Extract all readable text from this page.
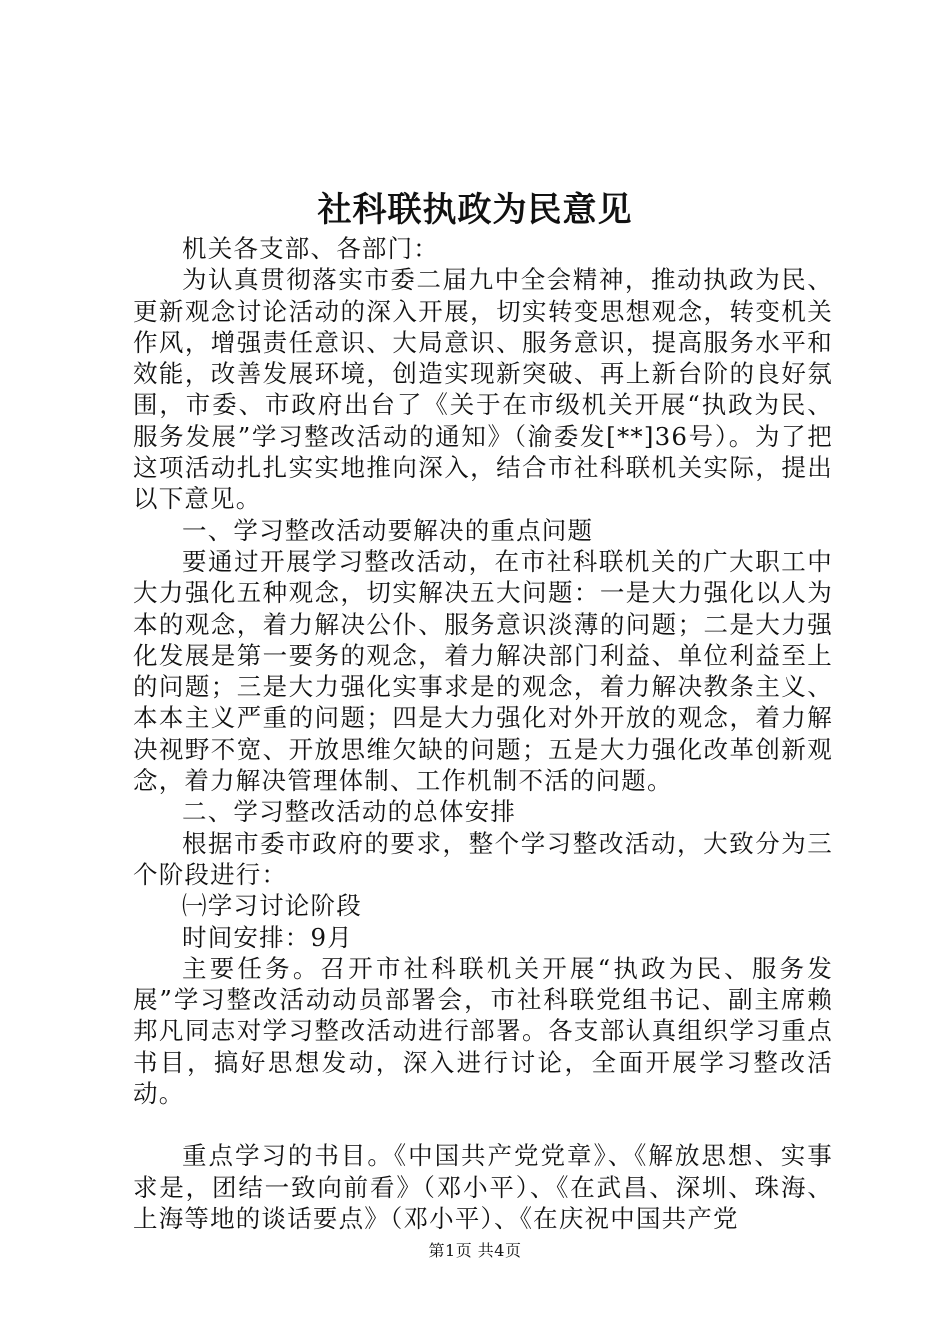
社科联执政为民意见

机关各支部、各部门：

为认真贯彻落实市委二届九中全会精神，推动执政为民、更新观念讨论活动的深入开展，切实转变思想观念，转变机关作风，增强责任意识、大局意识、服务意识，提高服务水平和效能，改善发展环境，创造实现新突破、再上新台阶的良好氛围，市委、市政府出台了《关于在市级机关开展“执政为民、服务发展”学习整改活动的通知》（渝委发[**]36号）。为了把这项活动扎扎实实地推向深入，结合市社科联机关实际，提出以下意见。

一、学习整改活动要解决的重点问题

要通过开展学习整改活动，在市社科联机关的广大职工中大力强化五种观念，切实解决五大问题：一是大力强化以人为本的观念，着力解决公仆、服务意识淡薄的问题；二是大力强化发展是第一要务的观念，着力解决部门利益、单位利益至上的问题；三是大力强化实事求是的观念，着力解决教条主义、本本主义严重的问题；四是大力强化对外开放的观念，着力解决视野不宽、开放思维欠缺的问题；五是大力强化改革创新观念，着力解决管理体制、工作机制不活的问题。

二、学习整改活动的总体安排

根据市委市政府的要求，整个学习整改活动，大致分为三个阶段进行：

㈠学习讨论阶段

时间安排：9月

主要任务。召开市社科联机关开展“执政为民、服务发展”学习整改活动动员部署会，市社科联党组书记、副主席赖邦凡同志对学习整改活动进行部署。各支部认真组织学习重点书目，搞好思想发动，深入进行讨论，全面开展学习整改活动。

重点学习的书目。《中国共产党党章》、《解放思想、实事求是，团结一致向前看》（邓小平）、《在武昌、深圳、珠海、上海等地的谈话要点》（邓小平）、《在庆祝中国共产党

第1页 共4页
